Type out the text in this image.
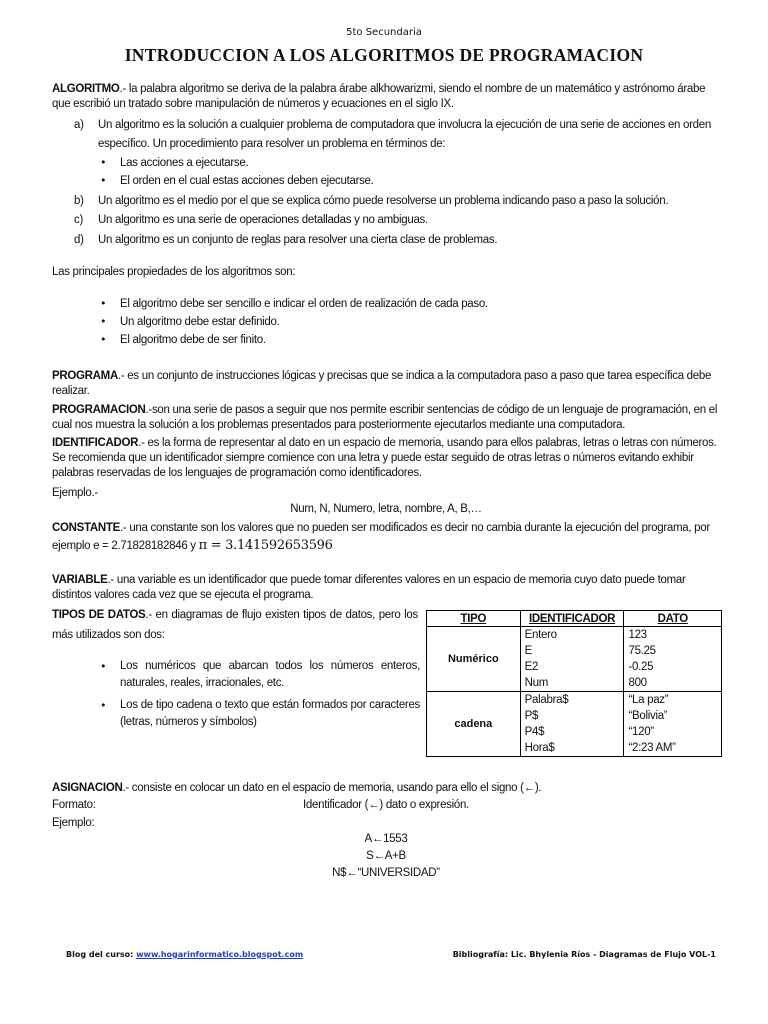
5to Secundaria
INTRODUCCION A LOS ALGORITMOS DE PROGRAMACION

ALGORITMO.- la palabra algoritmo se deriva de la palabra árabe alkhowarizmi, siendo el nombre de un matemático y astrónomo árabe que escribió un tratado sobre manipulación de números y ecuaciones en el siglo IX.

a) Un algoritmo es la solución a cualquier problema de computadora que involucra la ejecución de una serie de acciones en orden específico. Un procedimiento para resolver un problema en términos de:
• Las acciones a ejecutarse.
• El orden en el cual estas acciones deben ejecutarse.
b) Un algoritmo es el medio por el que se explica cómo puede resolverse un problema indicando paso a paso la solución.
c) Un algoritmo es una serie de operaciones detalladas y no ambiguas.
d) Un algoritmo es un conjunto de reglas para resolver una cierta clase de problemas.

Las principales propiedades de los algoritmos son:

• El algoritmo debe ser sencillo e indicar el orden de realización de cada paso.
• Un algoritmo debe estar definido.
• El algoritmo debe de ser finito.

PROGRAMA.- es un conjunto de instrucciones lógicas y precisas que se indica a la computadora paso a paso que tarea específica debe realizar.

PROGRAMACION.-son una serie de pasos a seguir que nos permite escribir sentencias de código de un lenguaje de programación, en el cual nos muestra la solución a los problemas presentados para posteriormente ejecutarlos mediante una computadora.

IDENTIFICADOR.- es la forma de representar al dato en un espacio de memoria, usando para ellos palabras, letras o letras con números. Se recomienda que un identificador siempre comience con una letra y puede estar seguido de otras letras o números evitando exhibir palabras reservadas de los lenguajes de programación como identificadores.

Ejemplo.-

Num, N, Numero, letra, nombre, A, B,…

CONSTANTE.- una constante son los valores que no pueden ser modificados es decir no cambia durante la ejecución del programa, por ejemplo e = 2.71828182846 y π = 3.141592653596

VARIABLE.- una variable es un identificador que puede tomar diferentes valores en un espacio de memoria cuyo dato puede tomar distintos valores cada vez que se ejecuta el programa.

TIPOS DE DATOS.- en diagramas de flujo existen tipos de datos, pero los más utilizados son dos:

•	Los numéricos que abarcan todos los números enteros, naturales, reales, irracionales, etc.
•	Los de tipo cadena o texto que están formados por caracteres (letras, números y símbolos)
TIPO	IDENTIFICADOR	DATO
Numérico	Entero	123
	E	75.25
	E2	-0.25
	Num	800
cadena	Palabra$	“La paz”
	P$	“Bolivia”
	P4$	“120”
	Hora$	“2:23 AM”

ASIGNACION.- consiste en colocar un dato en el espacio de memoria, usando para ello el signo (←).

Formato:	Identificador (←) dato o expresión.

Ejemplo:

A←1553

S←A+B

N$←“UNIVERSIDAD”

Blog del curso: www.hogarinformatico.blogspot.com	Bibliografía: Lic. Bhylenia Ríos - Diagramas de Flujo VOL-1
